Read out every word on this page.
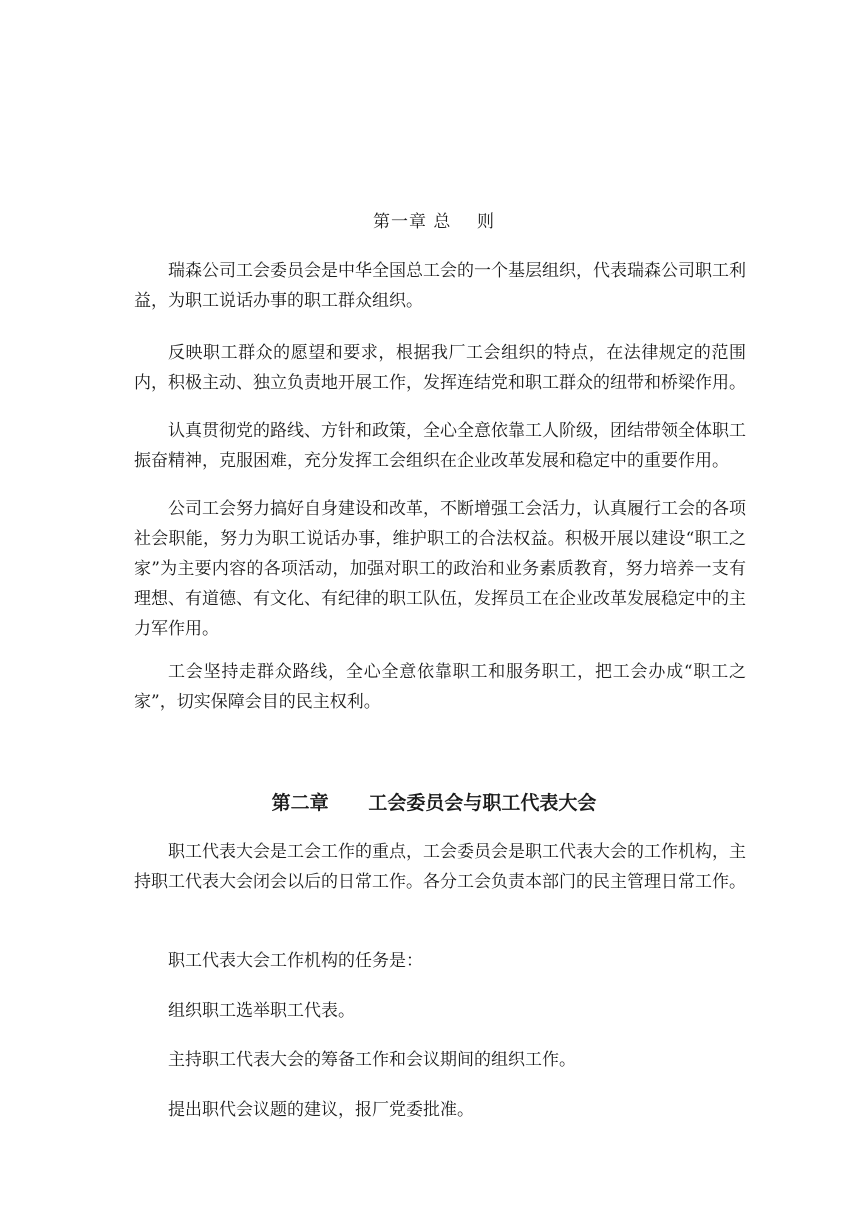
第一章 总    则

瑞森公司工会委员会是中华全国总工会的一个基层组织，代表瑞森公司职工利益，为职工说话办事的职工群众组织。

反映职工群众的愿望和要求，根据我厂工会组织的特点，在法律规定的范围内，积极主动、独立负责地开展工作，发挥连结党和职工群众的纽带和桥梁作用。

认真贯彻党的路线、方针和政策，全心全意依靠工人阶级，团结带领全体职工振奋精神，克服困难，充分发挥工会组织在企业改革发展和稳定中的重要作用。

公司工会努力搞好自身建设和改革，不断增强工会活力，认真履行工会的各项社会职能，努力为职工说话办事，维护职工的合法权益。积极开展以建设“职工之家”为主要内容的各项活动，加强对职工的政治和业务素质教育，努力培养一支有理想、有道德、有文化、有纪律的职工队伍，发挥员工在企业改革发展稳定中的主力军作用。

工会坚持走群众路线，全心全意依靠职工和服务职工，把工会办成“职工之家”，切实保障会目的民主权利。

第二章      工会委员会与职工代表大会

职工代表大会是工会工作的重点，工会委员会是职工代表大会的工作机构，主持职工代表大会闭会以后的日常工作。各分工会负责本部门的民主管理日常工作。

职工代表大会工作机构的任务是：

组织职工选举职工代表。

主持职工代表大会的筹备工作和会议期间的组织工作。

提出职代会议题的建议，报厂党委批准。
